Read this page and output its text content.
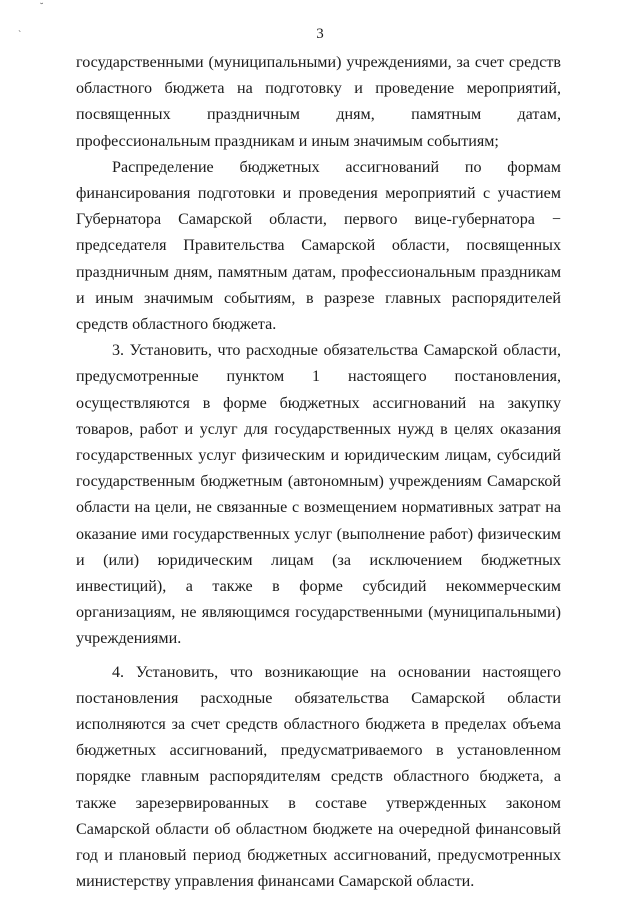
˘
`	3

государственными (муниципальными) учреждениями, за счет средств областного бюджета на подготовку и проведение мероприятий, посвященных праздничным дням, памятным датам, профессиональным праздникам и иным значимым событиям;

Распределение бюджетных ассигнований по формам финансирования подготовки и проведения мероприятий с участием Губернатора Самарской области, первого вице-губернатора − председателя Правительства Самарской области, посвященных праздничным дням, памятным датам, профессиональным праздникам и иным значимым событиям, в разрезе главных распорядителей средств областного бюджета.

3. Установить, что расходные обязательства Самарской области, предусмотренные пунктом 1 настоящего постановления, осуществляются в форме бюджетных ассигнований на закупку товаров, работ и услуг для государственных нужд в целях оказания государственных услуг физическим и юридическим лицам, субсидий государственным бюджетным (автономным) учреждениям Самарской области на цели, не связанные с возмещением нормативных затрат на оказание ими государственных услуг (выполнение работ) физическим и (или) юридическим лицам (за исключением бюджетных инвестиций), а также в форме субсидий некоммерческим организациям, не являющимся государственными (муниципальными) учреждениями.

4. Установить, что возникающие на основании настоящего постановления расходные обязательства Самарской области исполняются за счет средств областного бюджета в пределах объема бюджетных ассигнований, предусматриваемого в установленном порядке главным распорядителям средств областного бюджета, а также зарезервированных в составе утвержденных законом Самарской области об областном бюджете на очередной финансовый год и плановый период бюджетных ассигнований, предусмотренных министерству управления финансами Самарской области.
